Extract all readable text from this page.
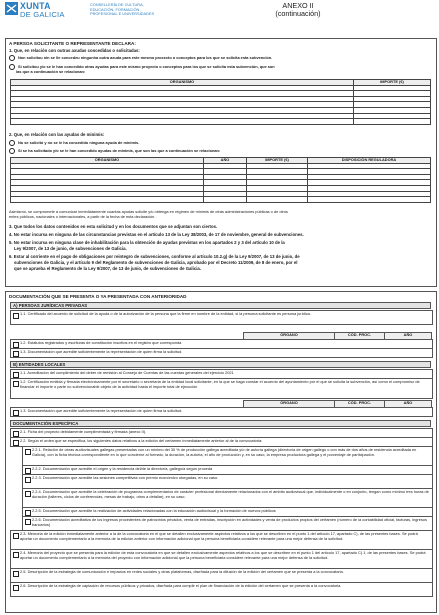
XUNTA
DE GALICIA
CONSELLERÍA DE CULTURA,
EDUCACIÓN, FORMACIÓN
PROFESIONAL E UNIVERSIDADES
ANEXO II
(continuación)
A PERSOA SOLICITANTE O REPRESENTANTE DECLARA:
1. Que, en relación con outras axudas concedidas o solicitadas:
Non solicitou nin se lle concedeu ningunha outra axuda para este mesmo proxecto o conceptos para los que se solicita esta subvención.
Si solicitou y/o se le han concedido otras ayudas para este mismo proyecto o conceptos para los que se solicita esta subvención, que son
las que a continuación se relacionan:
ORGANISMO	IMPORTE (€)

2. Que, en relación con las ayudas de minimis:
No se solicitó y no se le ha concedido ninguna ayuda de minimis.
Sí se ha solicitado y/o se le han concedido ayudas de minimis, que son las que a continuación se relacionan:
ORGANISMO	AÑO	IMPORTE (€)	DISPOSICIÓN REGULADORA

Asimismo, se compromete a comunicar inmediatamente cuantas ayudas solicite y/u obtenga en régimen de minimis de otras administraciones públicas o de otros
entes públicos, nacionales o internacionales, a partir de la fecha de esta declaración.
3. Que todos los datos contenidos en esta solicitud y en los documentos que se adjuntan son ciertos.
4. No estar incursa en ninguna de las circunstancias previstas en el artículo 13 de la Ley 38/2003, de 17 de noviembre, general de subvenciones.
5. No estar incursa en ninguna clase de inhabilitación para la obtención de ayudas previstas en los apartados 2 y 3 del artículo 10 de la
Ley 9/2007, de 13 de junio, de subvenciones de Galicia.
6. Estar al corriente en el pago de obligaciones por reintegro de subvenciones, conforme al artículo 10.2.g) de la Ley 9/2007, de 13 de junio, de
subvenciones de Galicia, y el artículo 9 del Reglamento de subvenciones de Galicia, aprobado por el Decreto 11/2009, de 8 de enero, por el
que se aprueba el Reglamento de la Ley 9/2007, de 13 de junio, de subvenciones de Galicia.
DOCUMENTACIÓN QUE SE PRESENTA O YA PRESENTADA CON ANTERIORIDAD
A) PERSOAS JURÍDICAS PRIVADAS
1.1. Certificado del acuerdo de solicitud de la ayuda o de la autorización de la persona que la firme en nombre de la entidad, si la persona solicitante es persona jurídica.
ÓRGANO	CÓD. PROC.	AÑO
1.2. Estatutos registrados y escrituras de constitución inscritos en el registro que corresponda
1.3. Documentación que acredite suficientemente la representación de quien firma la solicitud.
B) ENTIDADES LOCALES
1.1. Acreditación del cumplimiento del deber de remisión al Consejo de Cuentas de las cuentas generales del ejercicio 2021
1.2. Certificación emitida y firmada electrónicamente por el secretario o secretaria de la entidad local solicitante, en la que se haga constar el acuerdo del ayuntamiento por el que se solicita la subvención, así como el compromiso de financiar el importe o parte no subvencionable objeto de la actividad hasta el importe total de ejecución
ÓRGANO	CÓD. PROC.	AÑO
1.3. Documentación que acredite suficientemente la representación de quien firma la solicitud.
DOCUMENTACIÓN ESPECÍFICA
2.1. Ficha del proyecto debidamente cumplimentada y firmada (anexo II).
2.2. Según el orden que se especifica, los siguientes datos relativos a la edición del certamen inmediatamente anterior al de la convocatoria:
2.2.1. Relación de obras audiovisuales gallegas presentadas con un mínimo del 30 % de producción gallega acreditada y/o de autoría gallega (director/a de origen gallego o con más de dos años de residencia acreditada en Galicia), con la ficha técnica correspondiente en lo que concierne al formato, la duración, la autoría, el año de producción y, en su caso, la empresa productora gallega y el porcentaje de participación.
2.2.2. Documentación que acredite el origen y la residencia del/de la director/a, gallego/a según proceda
2.2.3. Documentación que acredite las sesiones competitivas con premio económico otorgadas, en su caso.
2.2.4. Documentación que acredite la celebración de programas complementarios de carácter profesional directamente relacionados con el ámbito audiovisual que, individualmente o en conjunto, tengan como mínimo tres horas de duración (talleres, ciclos de conferencias, mesas de trabajo, otros a detallar), en su caso.
2.2.5. Documentación que acredite la realización de actividades relacionadas con la educación audiovisual y la formación de nuevos públicos
2.2.6. Documentación acreditativa de los ingresos procedentes de patrocinios privados, venta de entradas, inscripción en actividades y venta de productos propios del certamen (número de la contabilidad oficial, facturas, ingresos bancarios)
2.3. Memoria de la edición inmediatamente anterior a la de la convocatoria en el que se detallen exclusivamente aspectos relativos a los que se describen en el punto 1 del artículo 17, apartado C), de las presentes bases. Se podrá aportar un documento complementario a la memoria de la edición anterior con información adicional que la persona beneficiaria considere relevante para una mejor defensa de la solicitud.
2.4. Memoria del proyecto que se presenta para la edición de esta convocatoria en que se detallen exclusivamente aspectos relativos a los que se describen en el punto 1 del artículo 17, apartado C).1, de las presentes bases. Se podrá aportar un documento complementario a la memoria del proyecto con información adicional que la persona beneficiaria considere relevante para una mejor defensa de la solicitud.
2.5. Descripción de la estrategia de comunicación e impactos en redes sociales y otras plataformas, diseñada para la difusión de la edición del certamen que se presenta a la convocatoria.
2.6. Descripción de la estrategia de captación de recursos públicos y privados, diseñada para cumplir el plan de financiación de la edición del certamen que se presenta a la convocatoria.
